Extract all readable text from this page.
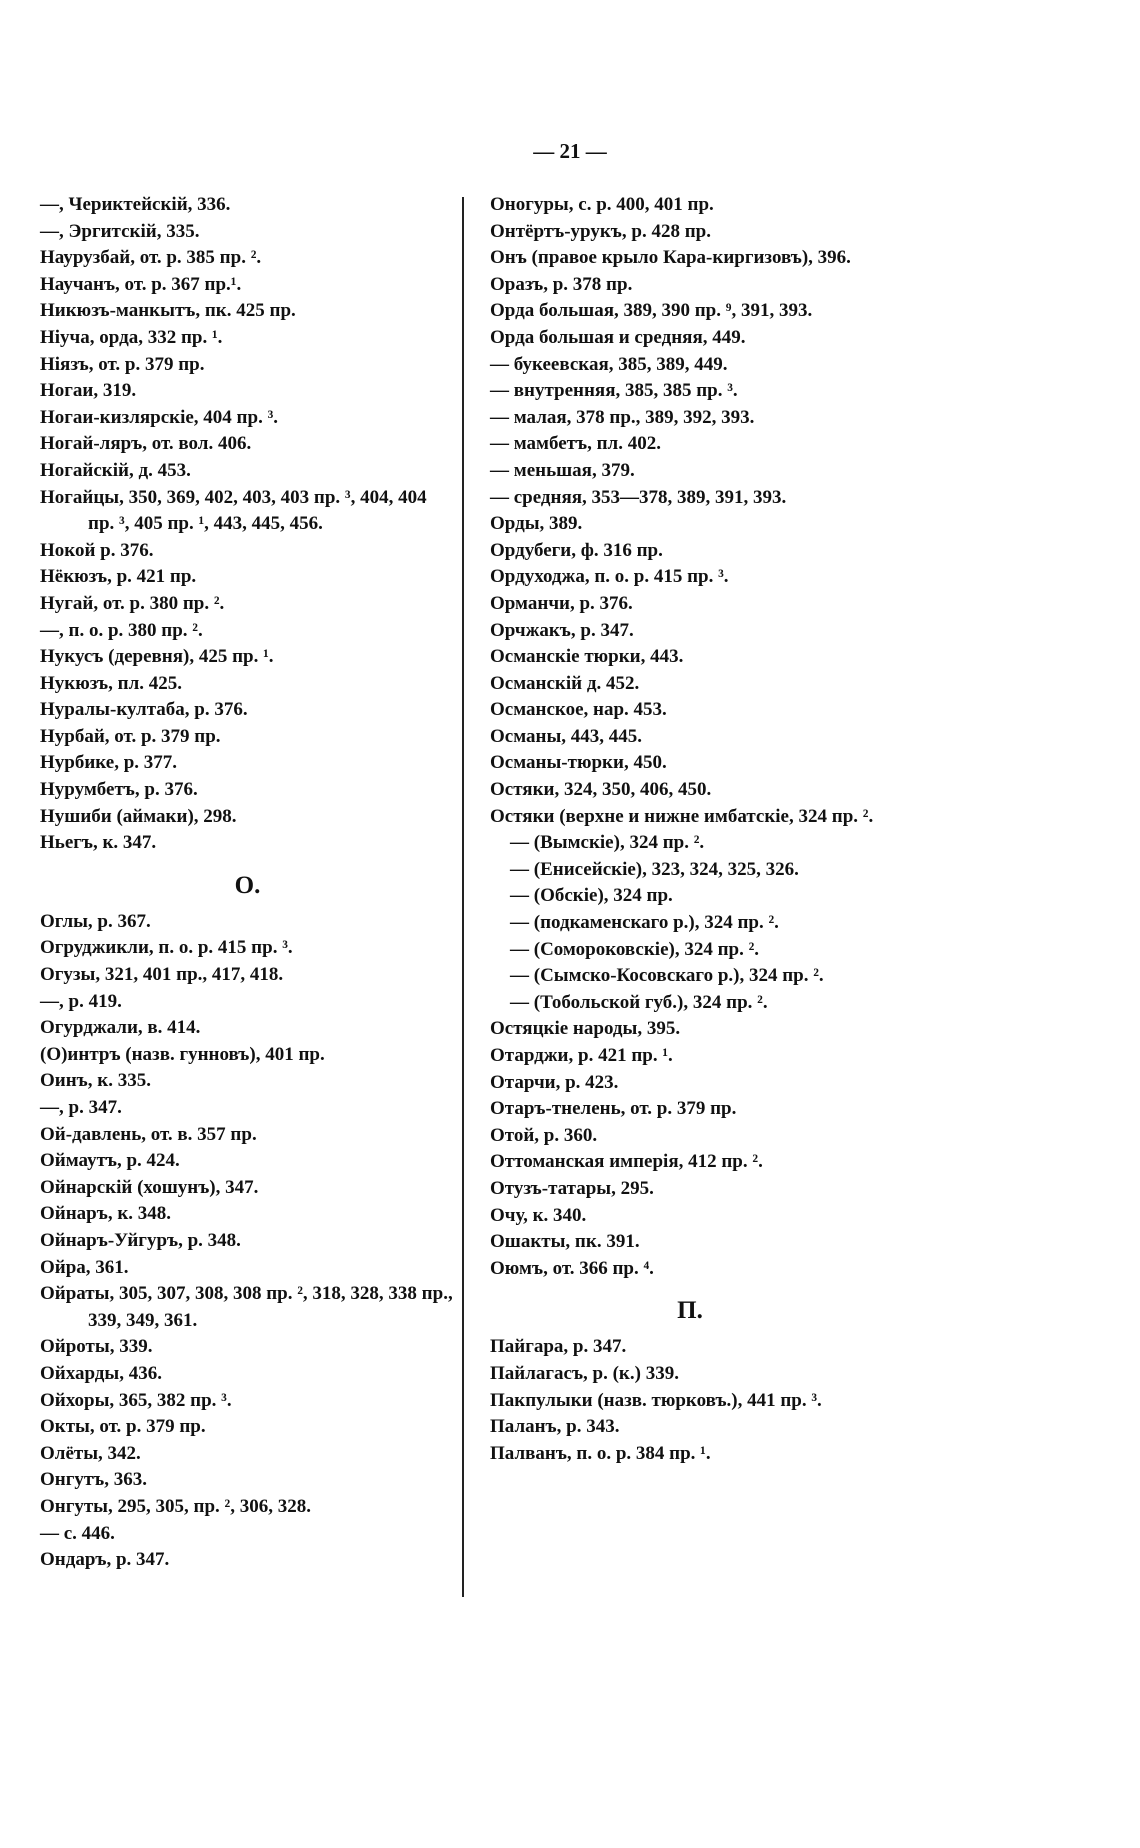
— 21 —
—, Чериктейскій, 336.
—, Эргитскій, 335.
Наурузбай, от. р. 385 пр. ².
Научанъ, от. р. 367 пр.¹.
Никюзъ-манкытъ, пк. 425 пр.
Ніуча, орда, 332 пр. ¹.
Ніязъ, от. р. 379 пр.
Ногаи, 319.
Ногаи-кизлярскіе, 404 пр. ³.
Ногай-ляръ, от. вол. 406.
Ногайскій, д. 453.
Ногайцы, 350, 369, 402, 403, 403 пр. ³, 404, 404 пр. ³, 405 пр. ¹, 443, 445, 456.
Нокой р. 376.
Нёкюзъ, р. 421 пр.
Нугай, от. р. 380 пр. ².
—, п. о. р. 380 пр. ².
Нукусъ (деревня), 425 пр. ¹.
Нукюзъ, пл. 425.
Нуралы-култаба, р. 376.
Нурбай, от. р. 379 пр.
Нурбике, р. 377.
Нурумбетъ, р. 376.
Нушиби (аймаки), 298.
Ньегъ, к. 347.
О.
Оглы, р. 367.
Огруджикли, п. о. р. 415 пр. ³.
Огузы, 321, 401 пр., 417, 418.
—, р. 419.
Огурджали, в. 414.
(О)интръ (назв. гунновъ), 401 пр.
Оинъ, к. 335.
—, р. 347.
Ой-давлень, от. в. 357 пр.
Оймаутъ, р. 424.
Ойнарскій (хошунъ), 347.
Ойнаръ, к. 348.
Ойнаръ-Уйгуръ, р. 348.
Ойра, 361.
Ойраты, 305, 307, 308, 308 пр. ², 318, 328, 338 пр., 339, 349, 361.
Ойроты, 339.
Ойхарды, 436.
Ойхоры, 365, 382 пр. ³.
Окты, от. р. 379 пр.
Олёты, 342.
Онгутъ, 363.
Онгуты, 295, 305, пр. ², 306, 328.
— с. 446.
Ондаръ, р. 347.
Оногуры, с. р. 400, 401 пр.
Онтёртъ-урукъ, р. 428 пр.
Онъ (правое крыло Кара-киргизовъ), 396.
Оразъ, р. 378 пр.
Орда большая, 389, 390 пр. ⁹, 391, 393.
Орда большая и средняя, 449.
— букеевская, 385, 389, 449.
— внутренняя, 385, 385 пр. ³.
— малая, 378 пр., 389, 392, 393.
— мамбетъ, пл. 402.
— меньшая, 379.
— средняя, 353—378, 389, 391, 393.
Орды, 389.
Ордубеги, ф. 316 пр.
Ордуходжа, п. о. р. 415 пр. ³.
Орманчи, р. 376.
Орчжакъ, р. 347.
Османскіе тюрки, 443.
Османскій д. 452.
Османское, нар. 453.
Османы, 443, 445.
Османы-тюрки, 450.
Остяки, 324, 350, 406, 450.
Остяки (верхне и нижне имбатскіе, 324 пр. ².
— (Вымскіе), 324 пр. ².
— (Енисейскіе), 323, 324, 325, 326.
— (Обскіе), 324 пр.
— (подкаменскаго р.), 324 пр. ².
— (Сомороковскіе), 324 пр. ².
— (Сымско-Косовскаго р.), 324 пр. ².
— (Тобольской губ.), 324 пр. ².
Остяцкіе народы, 395.
Отарджи, р. 421 пр. ¹.
Отарчи, р. 423.
Отаръ-тнелень, от. р. 379 пр.
Отой, р. 360.
Оттоманская имперія, 412 пр. ².
Отузъ-татары, 295.
Очу, к. 340.
Ошакты, пк. 391.
Оюмъ, от. 366 пр. ⁴.
П.
Пайгара, р. 347.
Пайлагасъ, р. (к.) 339.
Пакпулыки (назв. тюрковъ.), 441 пр. ³.
Паланъ, р. 343.
Палванъ, п. о. р. 384 пр. ¹.
